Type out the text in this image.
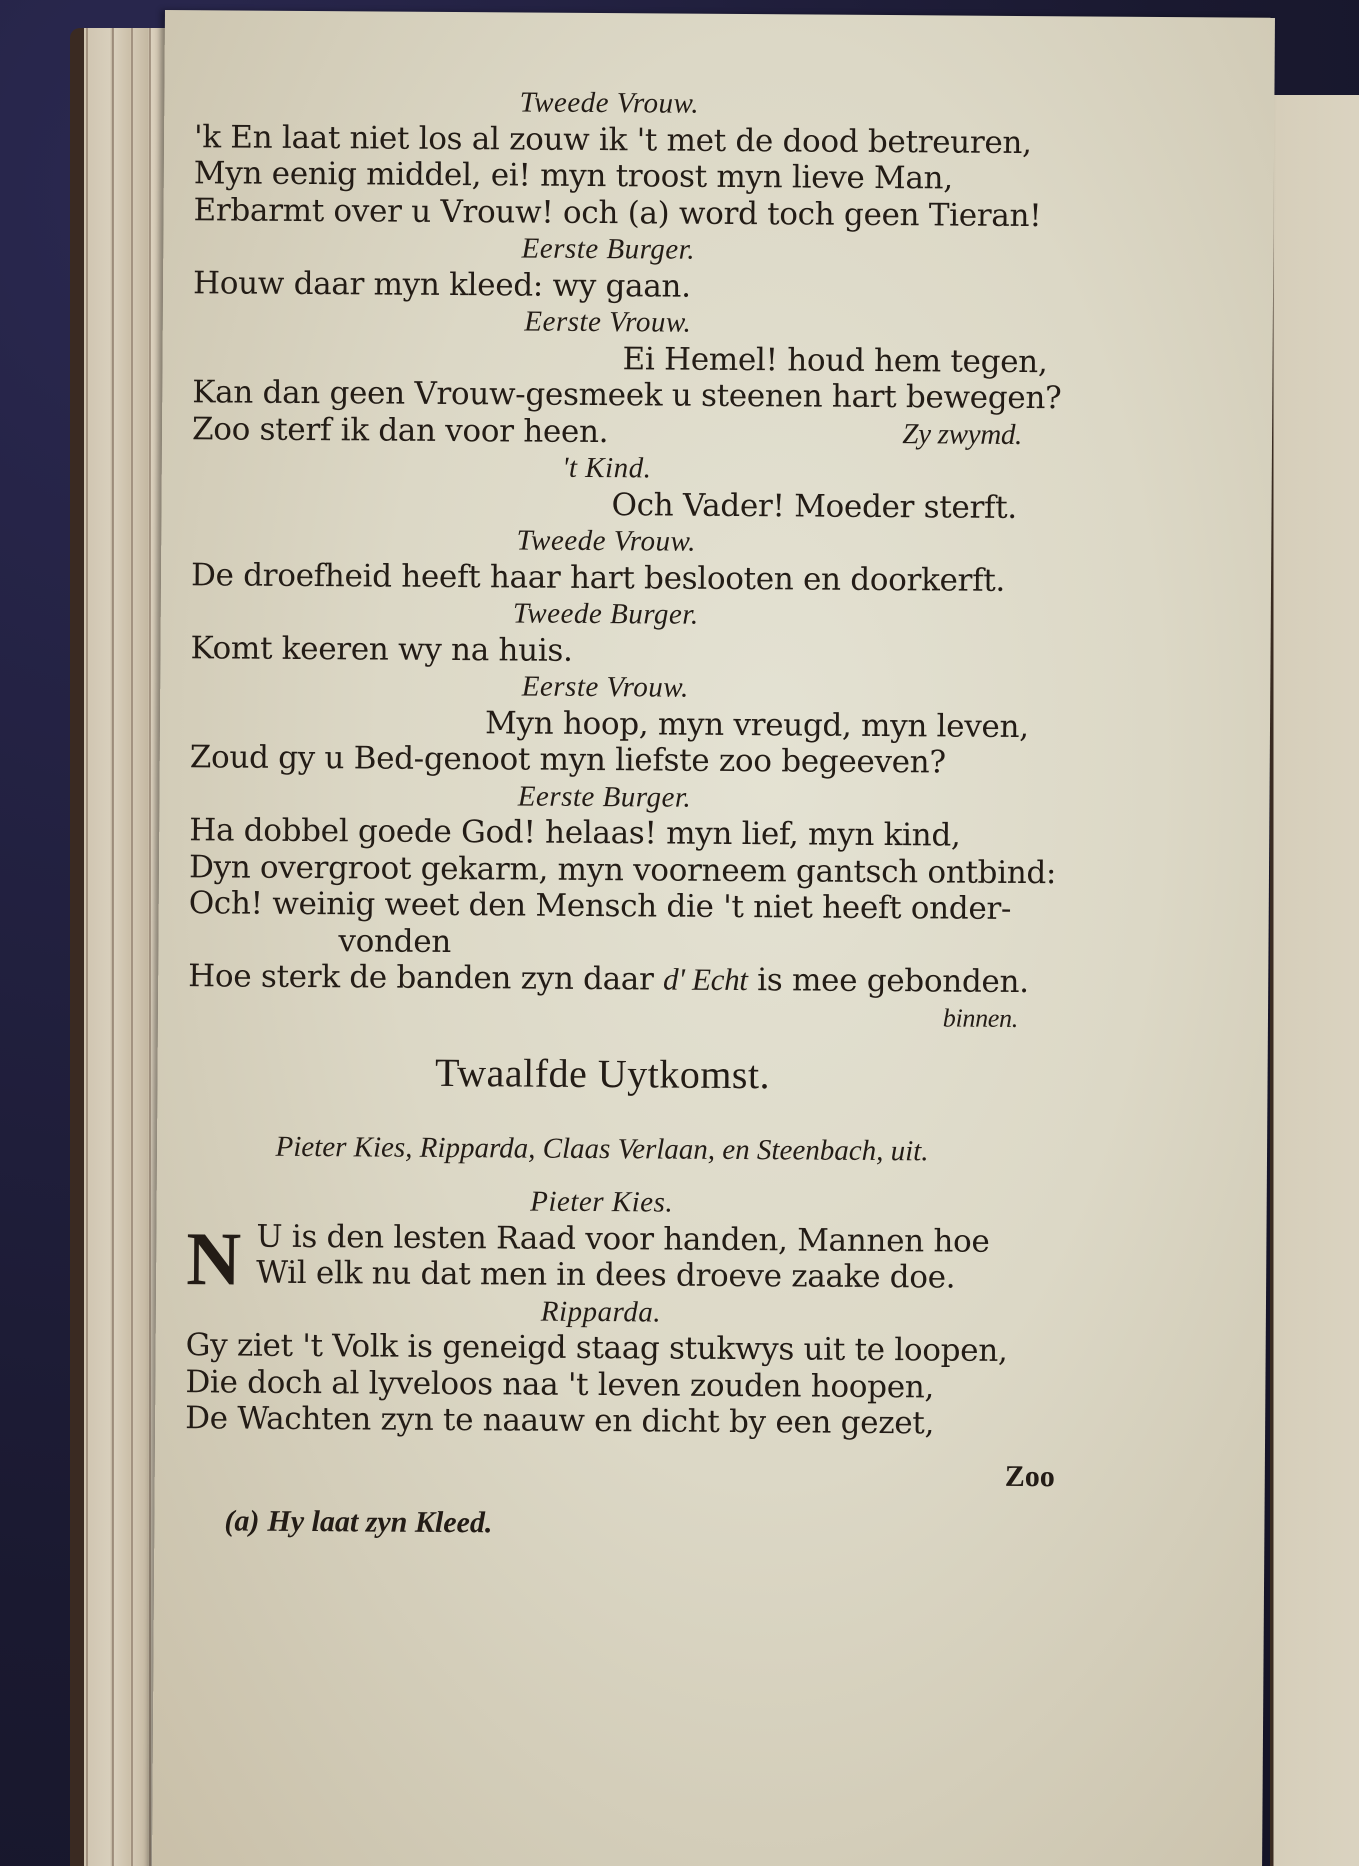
Tweede Vrouw.
'k En laat niet los al zouw ik 't met de dood betreuren,
Myn eenig middel, ei! myn troost myn lieve Man,
Erbarmt over u Vrouw! och (a) word toch geen Tieran!
Eerste Burger.
Houw daar myn kleed: wy gaan.
Eerste Vrouw.
Ei Hemel! houd hem tegen,
Kan dan geen Vrouw-gesmeek u steenen hart bewegen?
Zoo sterf ik dan voor heen.	Zy zwymd.
't Kind.
Och Vader! Moeder sterft.
Tweede Vrouw.
De droefheid heeft haar hart beslooten en doorkerft.
Tweede Burger.
Komt keeren wy na huis.
Eerste Vrouw.
Myn hoop, myn vreugd, myn leven,
Zoud gy u Bed-genoot myn liefste zoo begeeven?
Eerste Burger.
Ha dobbel goede God! helaas! myn lief, myn kind,
Dyn overgroot gekarm, myn voorneem gantsch ontbind:
Och! weinig weet den Mensch die 't niet heeft onder-
vonden
Hoe sterk de banden zyn daar d' Echt is mee gebonden.
binnen.
Twaalfde Uytkomst.
Pieter Kies, Ripparda, Claas Verlaan, en Steenbach, uit.
Pieter Kies.
N U is den lesten Raad voor handen, Mannen hoe
Wil elk nu dat men in dees droeve zaake doe.
Ripparda.
Gy ziet 't Volk is geneigd staag stukwys uit te loopen,
Die doch al lyveloos naa 't leven zouden hoopen,
De Wachten zyn te naauw en dicht by een gezet,
Zoo
(a) Hy laat zyn Kleed.
